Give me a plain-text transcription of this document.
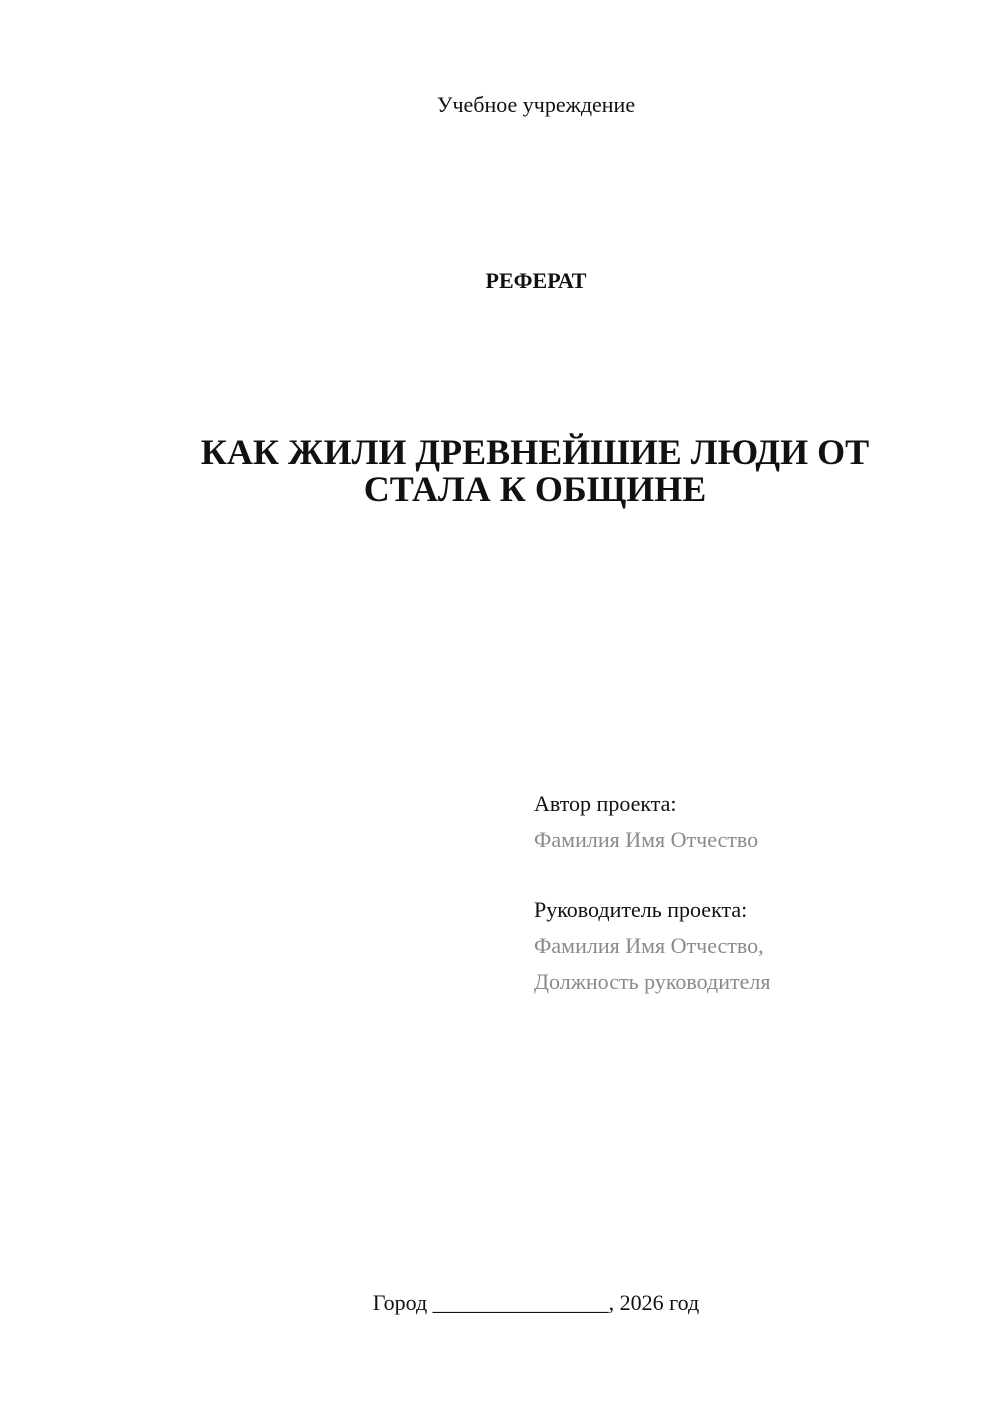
Учебное учреждение
РЕФЕРАТ
КАК ЖИЛИ ДРЕВНЕЙШИЕ ЛЮДИ ОТ
СТАЛА К ОБЩИНЕ
Автор проекта:
Фамилия Имя Отчество
Руководитель проекта:
Фамилия Имя Отчество,
Должность руководителя
Город ________________, 2026 год
